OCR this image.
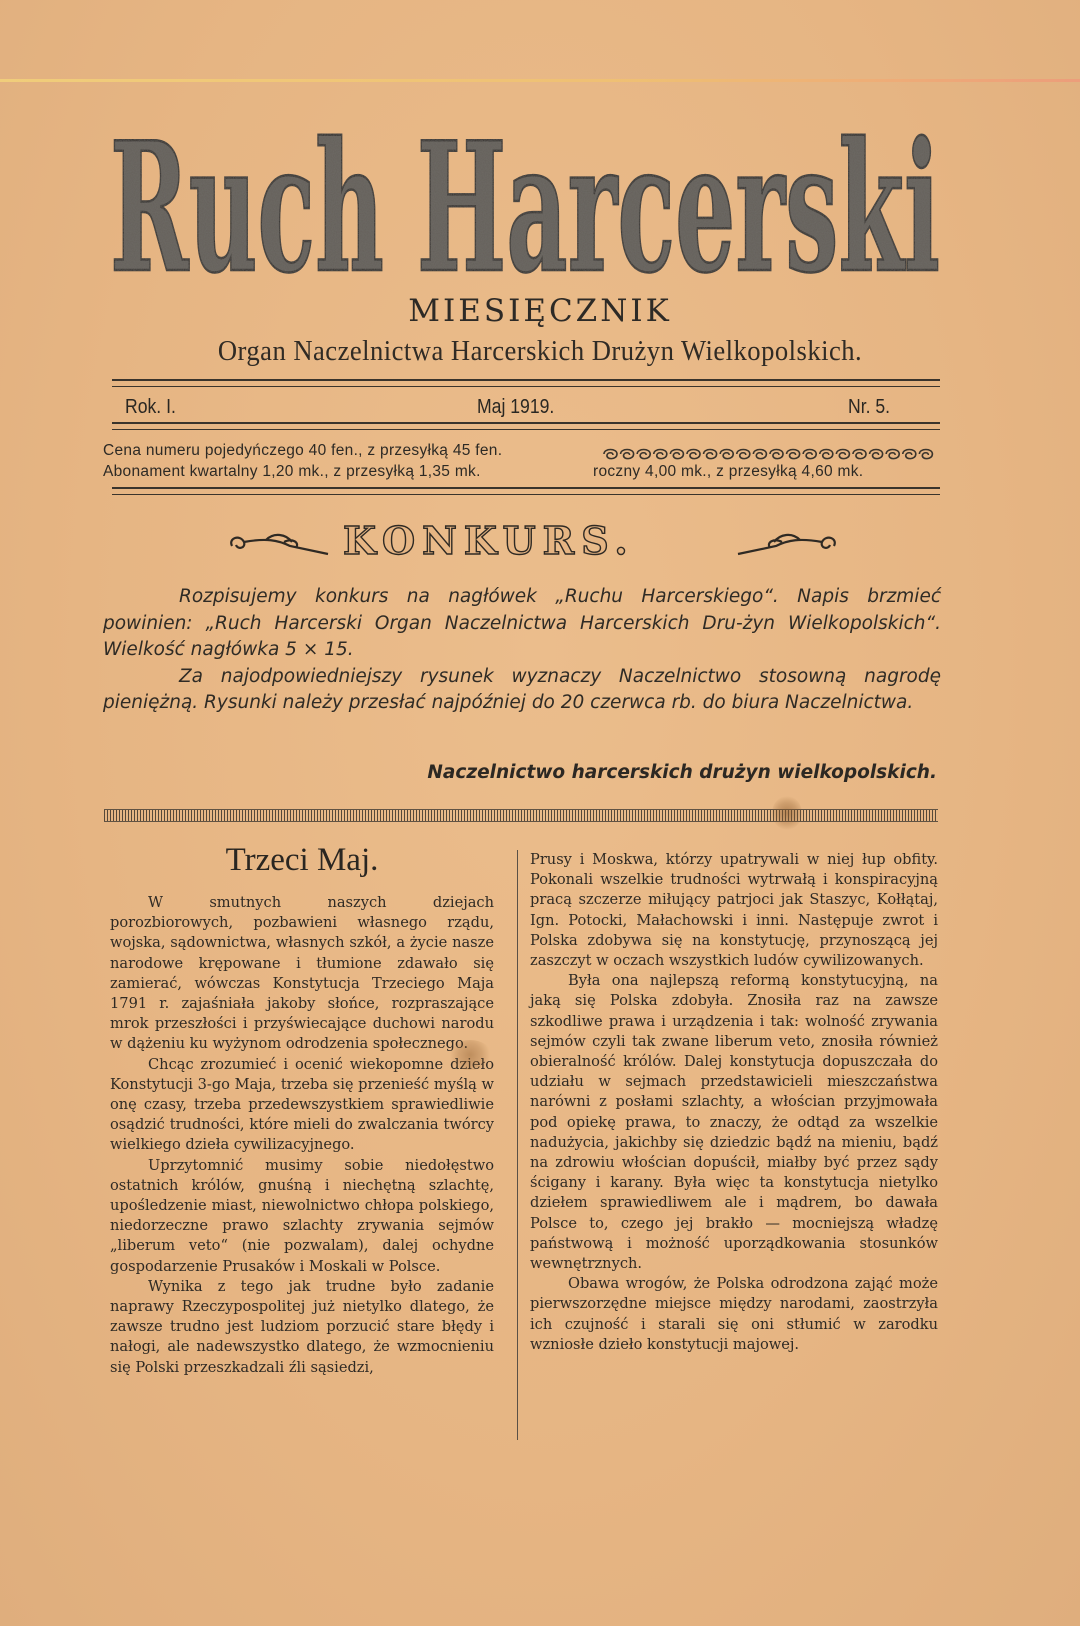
Ruch Harcerski
MIESIĘCZNIK
Organ Naczelnictwa Harcerskich Drużyn Wielkopolskich.
Rok. I.	Maj 1919.	Nr. 5.
Cena numeru pojedyńczego 40 fen., z przesyłką 45 fen.
Abonament kwartalny 1,20 mk., z przesyłką 1,35 mk.	roczny 4,00 mk., z przesyłką 4,60 mk.
KONKURS.

Rozpisujemy konkurs na nagłówek „Ruchu Harcerskiego“. Napis brzmieć powinien: „Ruch Harcerski Organ Naczelnictwa Harcerskich Dru-żyn Wielkopolskich“. Wielkość nagłówka 5 × 15.

Za najodpowiedniejszy rysunek wyznaczy Naczelnictwo stosowną nagrodę pieniężną. Rysunki należy przesłać najpóźniej do 20 czerwca rb. do biura Naczelnictwa.

Naczelnictwo harcerskich drużyn wielkopolskich.
Trzeci Maj.

W smutnych naszych dziejach porozbiorowych, pozbawieni własnego rządu, wojska, sądownictwa, własnych szkół, a życie nasze narodowe krępowane i tłumione zdawało się zamierać, wówczas Konstytucja Trzeciego Maja 1791 r. zajaśniała jakoby słońce, rozpraszające mrok przeszłości i przyświecające duchowi narodu w dążeniu ku wyżynom odrodzenia społecznego.

Chcąc zrozumieć i ocenić wiekopomne dzieło Konstytucji 3-go Maja, trzeba się przenieść myślą w onę czasy, trzeba przedewszystkiem sprawiedliwie osądzić trudności, które mieli do zwalczania twórcy wielkiego dzieła cywilizacyjnego.

Uprzytomnić musimy sobie niedołęstwo ostatnich królów, gnuśną i niechętną szlachtę, upośledzenie miast, niewolnictwo chłopa polskiego, niedorzeczne prawo szlachty zrywania sejmów „liberum veto“ (nie pozwalam), dalej ochydne gospodarzenie Prusaków i Moskali w Polsce.

Wynika z tego jak trudne było zadanie naprawy Rzeczypospolitej już nietylko dlatego, że zawsze trudno jest ludziom porzucić stare błędy i nałogi, ale nadewszystko dlatego, że wzmocnieniu się Polski przeszkadzali źli sąsiedzi,

Prusy i Moskwa, którzy upatrywali w niej łup obfity. Pokonali wszelkie trudności wytrwałą i konspiracyjną pracą szczerze miłujący patrjoci jak Staszyc, Kołłątaj, Ign. Potocki, Małachowski i inni. Następuje zwrot i Polska zdobywa się na konstytucję, przynoszącą jej zaszczyt w oczach wszystkich ludów cywilizowanych.

Była ona najlepszą reformą konstytucyjną, na jaką się Polska zdobyła. Znosiła raz na zawsze szkodliwe prawa i urządzenia i tak: wolność zrywania sejmów czyli tak zwane liberum veto, znosiła również obieralność królów. Dalej konstytucja dopuszczała do udziału w sejmach przedstawicieli mieszczaństwa narówni z posłami szlachty, a włościan przyjmowała pod opiekę prawa, to znaczy, że odtąd za wszelkie nadużycia, jakichby się dziedzic bądź na mieniu, bądź na zdrowiu włościan dopuścił, miałby być przez sądy ścigany i karany. Była więc ta konstytucja nietylko dziełem sprawiedliwem ale i mądrem, bo dawała Polsce to, czego jej brakło — mocniejszą władzę państwową i możność uporządkowania stosunków wewnętrznych.

Obawa wrogów, że Polska odrodzona zająć może pierwszorzędne miejsce między narodami, zaostrzyła ich czujność i starali się oni stłumić w zarodku wzniosłe dzieło konstytucji majowej.
